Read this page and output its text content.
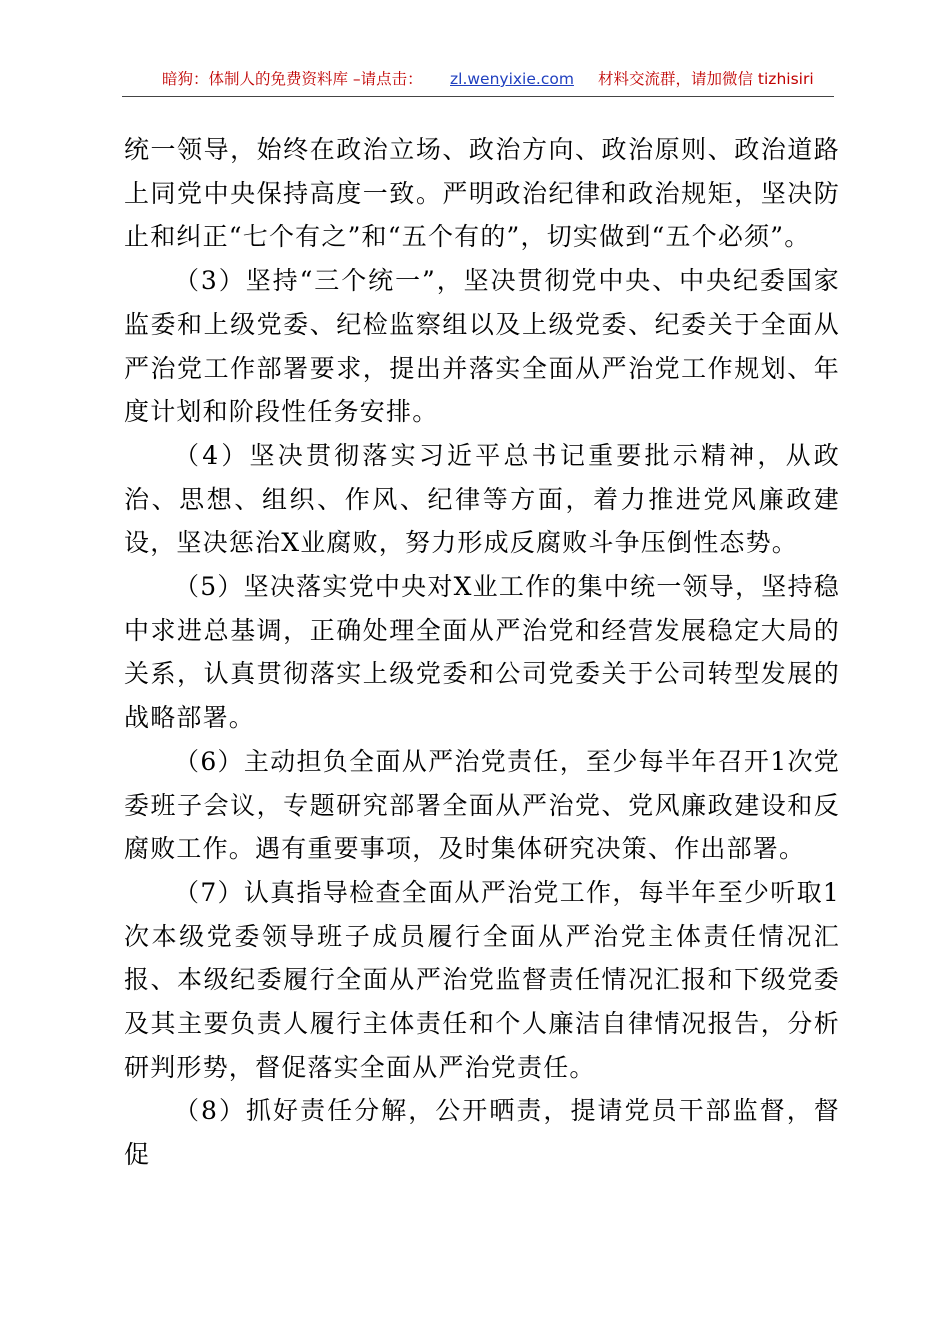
暗狗：体制人的免费资料库 –请点击： zl.wenyixie.com 材料交流群，请加微信 tizhisiri

统一领导，始终在政治立场、政治方向、政治原则、政治道路上同党中央保持高度一致。严明政治纪律和政治规矩，坚决防止和纠正“七个有之”和“五个有的”，切实做到“五个必须”。

（3）坚持“三个统一”，坚决贯彻党中央、中央纪委国家监委和上级党委、纪检监察组以及上级党委、纪委关于全面从严治党工作部署要求，提出并落实全面从严治党工作规划、年度计划和阶段性任务安排。

（4）坚决贯彻落实习近平总书记重要批示精神，从政治、思想、组织、作风、纪律等方面，着力推进党风廉政建设，坚决惩治X业腐败，努力形成反腐败斗争压倒性态势。

（5）坚决落实党中央对X业工作的集中统一领导，坚持稳中求进总基调，正确处理全面从严治党和经营发展稳定大局的关系，认真贯彻落实上级党委和公司党委关于公司转型发展的战略部署。

（6）主动担负全面从严治党责任，至少每半年召开1次党委班子会议，专题研究部署全面从严治党、党风廉政建设和反腐败工作。遇有重要事项，及时集体研究决策、作出部署。

（7）认真指导检查全面从严治党工作，每半年至少听取1次本级党委领导班子成员履行全面从严治党主体责任情况汇报、本级纪委履行全面从严治党监督责任情况汇报和下级党委及其主要负责人履行主体责任和个人廉洁自律情况报告，分析研判形势，督促落实全面从严治党责任。

（8）抓好责任分解，公开晒责，提请党员干部监督，督促
